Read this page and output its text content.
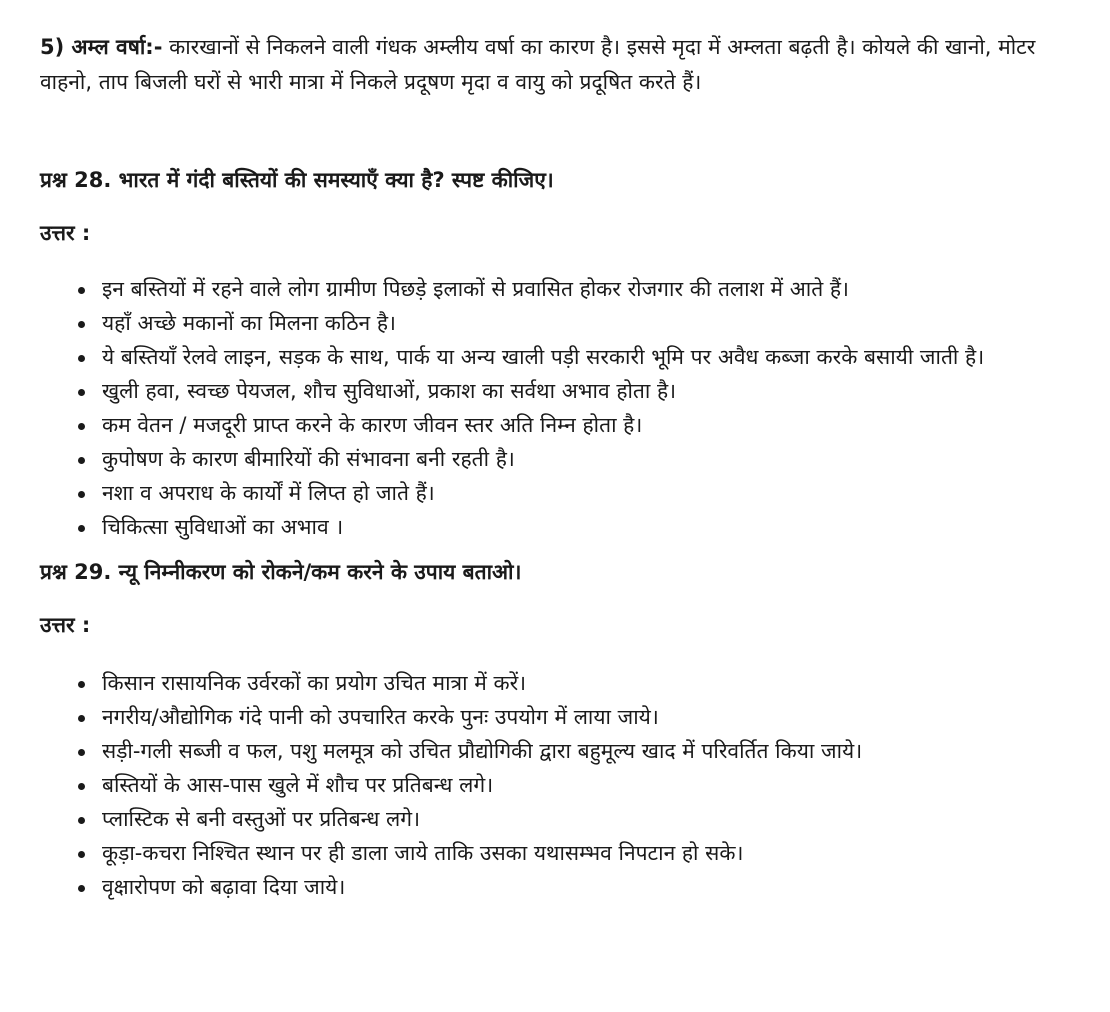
5) अम्ल वर्षा:- कारखानों से निकलने वाली गंधक अम्लीय वर्षा का कारण है। इससे मृदा में अम्लता बढ़ती है। कोयले की खानो, मोटर वाहनो, ताप बिजली घरों से भारी मात्रा में निकले प्रदूषण मृदा व वायु को प्रदूषित करते हैं।

प्रश्न 28. भारत में गंदी बस्तियों की समस्याएँ क्या है? स्पष्ट कीजिए।

उत्तर :

इन बस्तियों में रहने वाले लोग ग्रामीण पिछड़े इलाकों से प्रवासित होकर रोजगार की तलाश में आते हैं।
यहाँ अच्छे मकानों का मिलना कठिन है।
ये बस्तियाँ रेलवे लाइन, सड़क के साथ, पार्क या अन्य खाली पड़ी सरकारी भूमि पर अवैध कब्जा करके बसायी जाती है।
खुली हवा, स्वच्छ पेयजल, शौच सुविधाओं, प्रकाश का सर्वथा अभाव होता है।
कम वेतन / मजदूरी प्राप्त करने के कारण जीवन स्तर अति निम्न होता है।
कुपोषण के कारण बीमारियों की संभावना बनी रहती है।
नशा व अपराध के कार्यों में लिप्त हो जाते हैं।
चिकित्सा सुविधाओं का अभाव ।

प्रश्न 29. न्यू निम्नीकरण को रोकने/कम करने के उपाय बताओ।

उत्तर :

किसान रासायनिक उर्वरकों का प्रयोग उचित मात्रा में करें।
नगरीय/औद्योगिक गंदे पानी को उपचारित करके पुनः उपयोग में लाया जाये।
सड़ी-गली सब्जी व फल, पशु मलमूत्र को उचित प्रौद्योगिकी द्वारा बहुमूल्य खाद में परिवर्तित किया जाये।
बस्तियों के आस-पास खुले में शौच पर प्रतिबन्ध लगे।
प्लास्टिक से बनी वस्तुओं पर प्रतिबन्ध लगे।
कूड़ा-कचरा निश्चित स्थान पर ही डाला जाये ताकि उसका यथासम्भव निपटान हो सके।
वृक्षारोपण को बढ़ावा दिया जाये।
